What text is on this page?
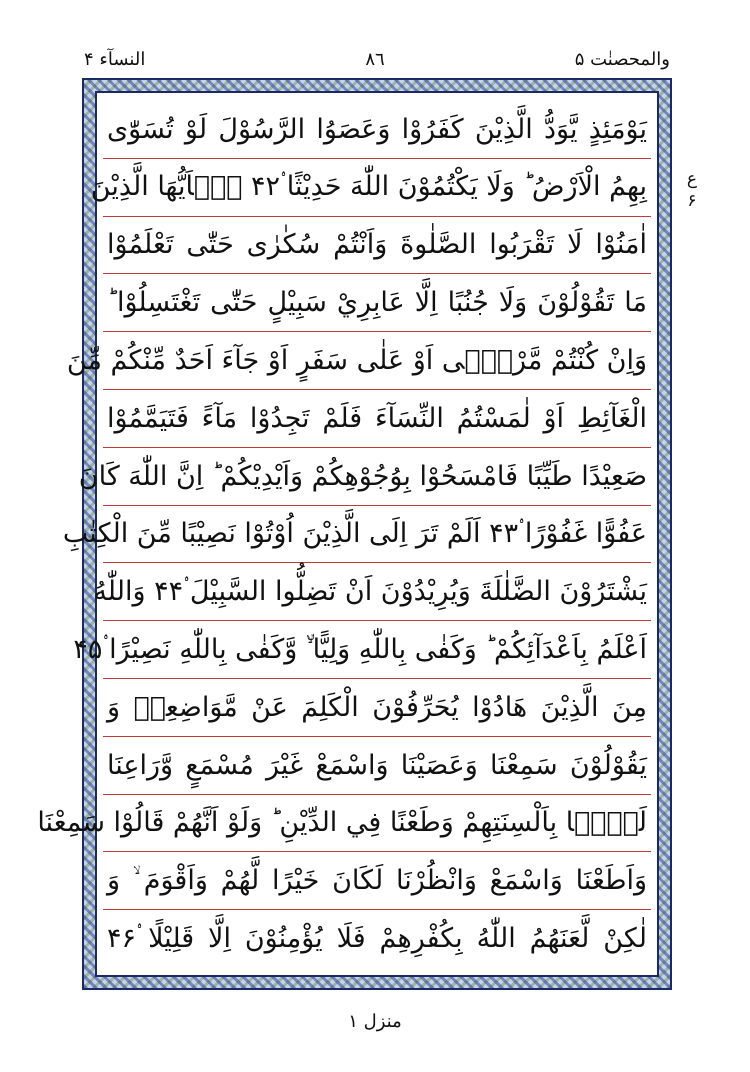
والمحصنٰت ۵
٨٦
النسآء ۴
ع ۶
يَوْمَئِذٍ يَّوَدُّ الَّذِيْنَ كَفَرُوْا وَعَصَوُا الرَّسُوْلَ لَوْ تُسَوّٰى
بِهِمُ الْاَرْضُ ؕ وَلَا يَكْتُمُوْنَ اللّٰهَ حَدِيْثًا ۟۴۲ يٰۤاَيُّهَا الَّذِيْنَ
اٰمَنُوْا لَا تَقْرَبُوا الصَّلٰوةَ وَاَنْتُمْ سُكٰرٰى حَتّٰى تَعْلَمُوْا
مَا تَقُوْلُوْنَ وَلَا جُنُبًا اِلَّا عَابِرِيْ سَبِيْلٍ حَتّٰى تَغْتَسِلُوْا ؕ
وَاِنْ كُنْتُمْ مَّرْضٰۤى اَوْ عَلٰى سَفَرٍ اَوْ جَآءَ اَحَدٌ مِّنْكُمْ مِّنَ
الْغَآئِطِ اَوْ لٰمَسْتُمُ النِّسَآءَ فَلَمْ تَجِدُوْا مَآءً فَتَيَمَّمُوْا
صَعِيْدًا طَيِّبًا فَامْسَحُوْا بِوُجُوْهِكُمْ وَاَيْدِيْكُمْ ؕ اِنَّ اللّٰهَ كَانَ
عَفُوًّا غَفُوْرًا ۟۴۳ اَلَمْ تَرَ اِلَى الَّذِيْنَ اُوْتُوْا نَصِيْبًا مِّنَ الْكِتٰبِ
يَشْتَرُوْنَ الضَّلٰلَةَ وَيُرِيْدُوْنَ اَنْ تَضِلُّوا السَّبِيْلَ ۟۴۴ وَاللّٰهُ
اَعْلَمُ بِاَعْدَآئِكُمْ ؕ وَكَفٰى بِاللّٰهِ وَلِيًّا ۙ٘ وَّكَفٰى بِاللّٰهِ نَصِيْرًا ۟۴۵
مِنَ الَّذِيْنَ هَادُوْا يُحَرِّفُوْنَ الْكَلِمَ عَنْ مَّوَاضِعِهٖ وَ
يَقُوْلُوْنَ سَمِعْنَا وَعَصَيْنَا وَاسْمَعْ غَيْرَ مُسْمَعٍ وَّرَاعِنَا
لَيًّۢا بِاَلْسِنَتِهِمْ وَطَعْنًا فِي الدِّيْنِ ؕ وَلَوْ اَنَّهُمْ قَالُوْا سَمِعْنَا
وَاَطَعْنَا وَاسْمَعْ وَانْظُرْنَا لَكَانَ خَيْرًا لَّهُمْ وَاَقْوَمَ ۙ وَ
لٰكِنْ لَّعَنَهُمُ اللّٰهُ بِكُفْرِهِمْ فَلَا يُؤْمِنُوْنَ اِلَّا قَلِيْلًا ۟۴۶
منزل ۱
